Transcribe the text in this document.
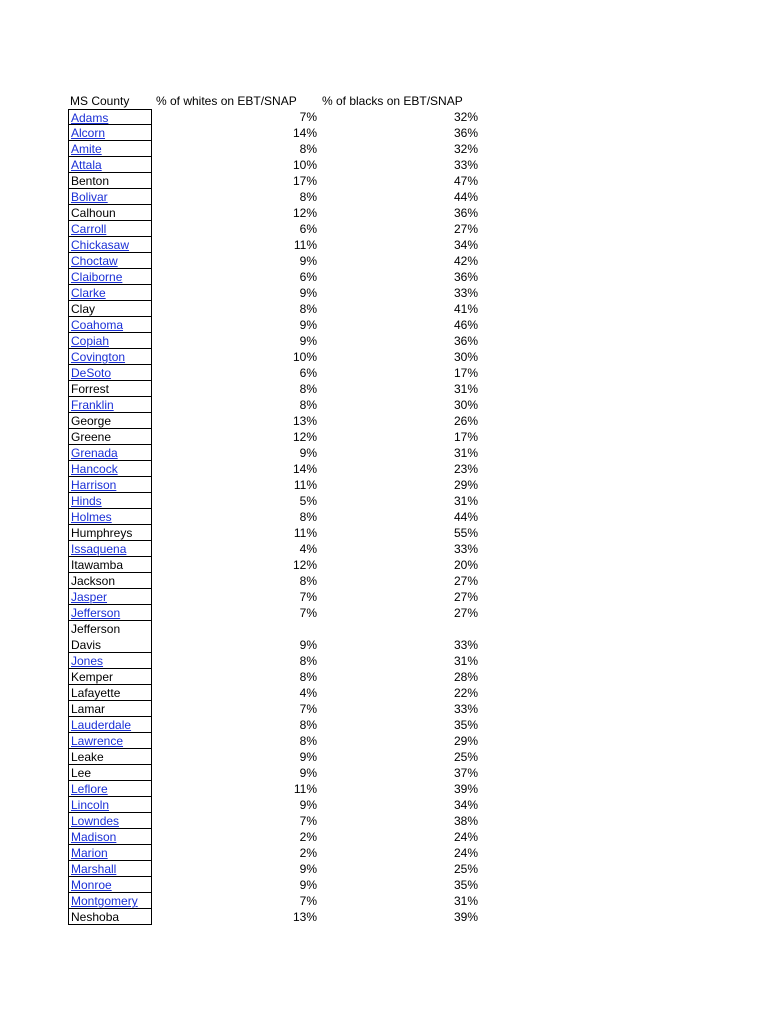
MS County % of whites on EBT/SNAP % of blacks on EBT/SNAP
Adams	7%	32%
Alcorn	14%	36%
Amite	8%	32%
Attala	10%	33%
Benton	17%	47%
Bolivar	8%	44%
Calhoun	12%	36%
Carroll	6%	27%
Chickasaw	11%	34%
Choctaw	9%	42%
Claiborne	6%	36%
Clarke	9%	33%
Clay	8%	41%
Coahoma	9%	46%
Copiah	9%	36%
Covington	10%	30%
DeSoto	6%	17%
Forrest	8%	31%
Franklin	8%	30%
George	13%	26%
Greene	12%	17%
Grenada	9%	31%
Hancock	14%	23%
Harrison	11%	29%
Hinds	5%	31%
Holmes	8%	44%
Humphreys	11%	55%
Issaquena	4%	33%
Itawamba	12%	20%
Jackson	8%	27%
Jasper	7%	27%
Jefferson	7%	27%
Jefferson Davis	9%	33%
Jones	8%	31%
Kemper	8%	28%
Lafayette	4%	22%
Lamar	7%	33%
Lauderdale	8%	35%
Lawrence	8%	29%
Leake	9%	25%
Lee	9%	37%
Leflore	11%	39%
Lincoln	9%	34%
Lowndes	7%	38%
Madison	2%	24%
Marion	2%	24%
Marshall	9%	25%
Monroe	9%	35%
Montgomery	7%	31%
Neshoba	13%	39%
